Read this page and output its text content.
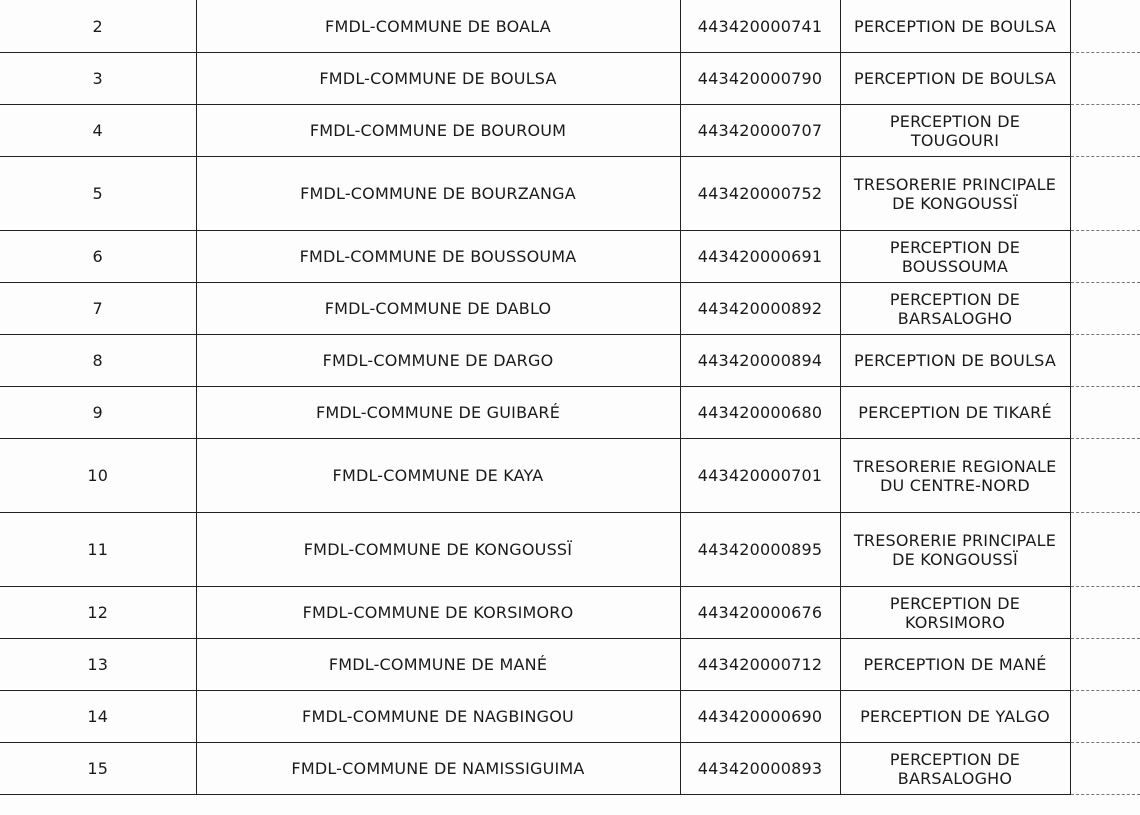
2	FMDL-COMMUNE DE BOALA	443420000741	PERCEPTION DE BOULSA	
3	FMDL-COMMUNE DE BOULSA	443420000790	PERCEPTION DE BOULSA	
4	FMDL-COMMUNE DE BOUROUM	443420000707	PERCEPTION DE TOUGOURI	
5	FMDL-COMMUNE DE BOURZANGA	443420000752	TRESORERIE PRINCIPALE DE KONGOUSSÏ	
6	FMDL-COMMUNE DE BOUSSOUMA	443420000691	PERCEPTION DE BOUSSOUMA	
7	FMDL-COMMUNE DE DABLO	443420000892	PERCEPTION DE BARSALOGHO	
8	FMDL-COMMUNE DE DARGO	443420000894	PERCEPTION DE BOULSA	
9	FMDL-COMMUNE DE GUIBARÉ	443420000680	PERCEPTION DE TIKARÉ	
10	FMDL-COMMUNE DE KAYA	443420000701	TRESORERIE REGIONALE DU CENTRE-NORD	
11	FMDL-COMMUNE DE KONGOUSSÏ	443420000895	TRESORERIE PRINCIPALE DE KONGOUSSÏ	
12	FMDL-COMMUNE DE KORSIMORO	443420000676	PERCEPTION DE KORSIMORO	
13	FMDL-COMMUNE DE MANÉ	443420000712	PERCEPTION DE MANÉ	
14	FMDL-COMMUNE DE NAGBINGOU	443420000690	PERCEPTION DE YALGO	
15	FMDL-COMMUNE DE NAMISSIGUIMA	443420000893	PERCEPTION DE BARSALOGHO	
